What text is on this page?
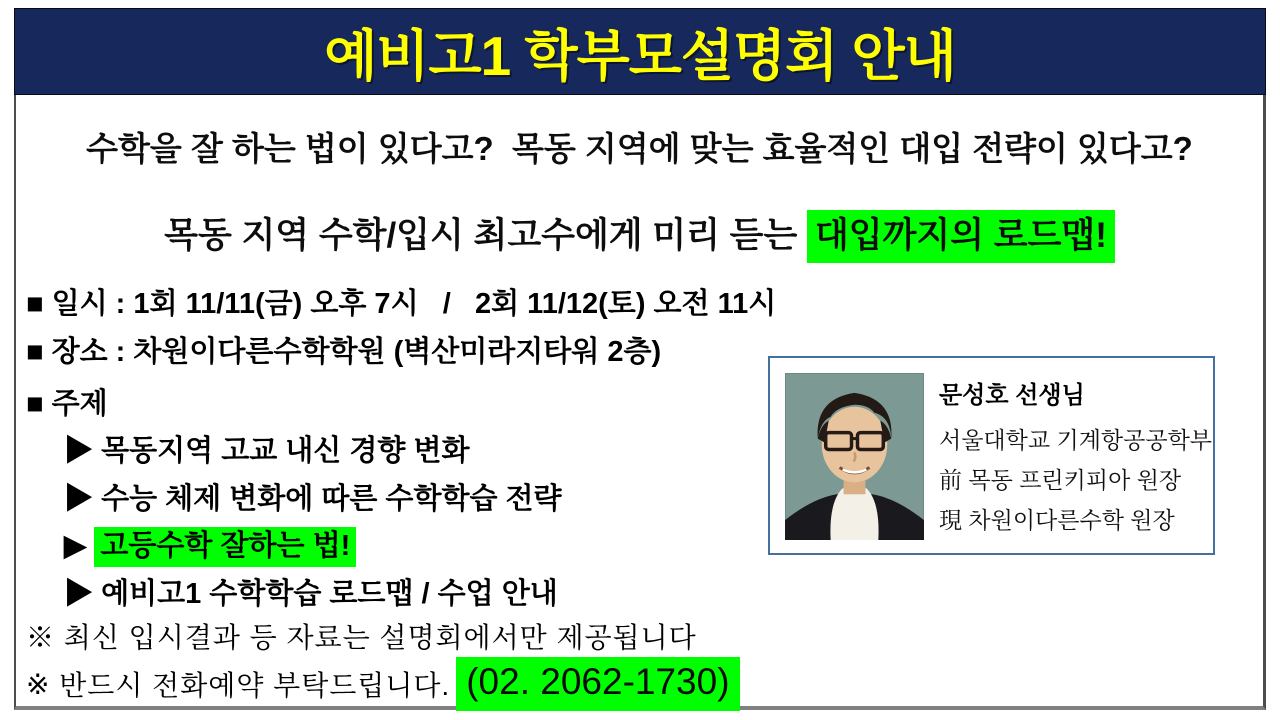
예비고1 학부모설명회 안내
수학을 잘 하는 법이 있다고?  목동 지역에 맞는 효율적인 대입 전략이 있다고?
목동 지역 수학/입시 최고수에게 미리 듣는 대입까지의 로드맵!
■ 일시 : 1회 11/11(금) 오후 7시   /   2회 11/12(토) 오전 11시
■ 장소 : 차원이다른수학학원 (벽산미라지타워 2층)
■ 주제
▶ 목동지역 고교 내신 경향 변화
▶ 수능 체제 변화에 따른 수학학습 전략
▶ 고등수학 잘하는 법!
▶ 예비고1 수학학습 로드맵 / 수업 안내
※ 최신 입시결과 등 자료는 설명회에서만 제공됩니다
※
반드시 전화예약 부탁드립니다. (02. 2062-1730)
문성호 선생님
서울대학교 기계항공공학부
前 목동 프린키피아 원장
現 차원이다른수학 원장
